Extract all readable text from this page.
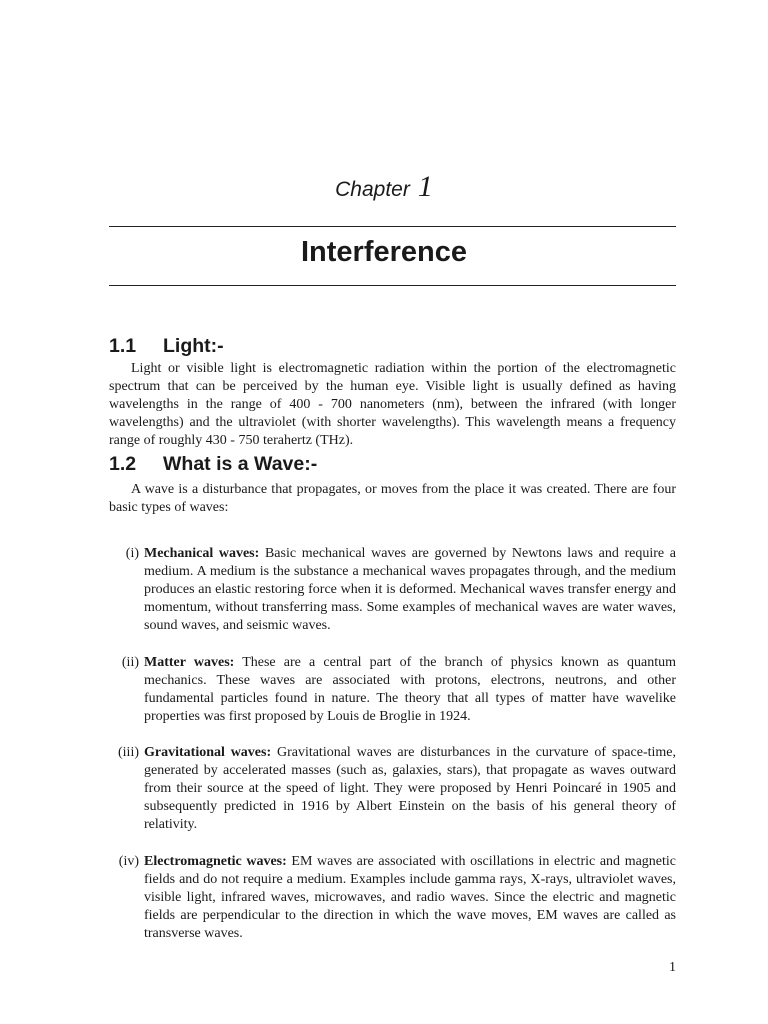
Chapter 1
Interference
1.1 Light:-

Light or visible light is electromagnetic radiation within the portion of the electromagnetic spectrum that can be perceived by the human eye. Visible light is usually defined as having wavelengths in the range of 400 - 700 nanometers (nm), between the infrared (with longer wavelengths) and the ultraviolet (with shorter wavelengths). This wavelength means a frequency range of roughly 430 - 750 terahertz (THz).

1.2 What is a Wave:-

A wave is a disturbance that propagates, or moves from the place it was created. There are four basic types of waves:

(i) Mechanical waves: Basic mechanical waves are governed by Newtons laws and require a medium. A medium is the substance a mechanical waves propagates through, and the medium produces an elastic restoring force when it is deformed. Mechanical waves transfer energy and momentum, without transferring mass. Some examples of mechanical waves are water waves, sound waves, and seismic waves.
(ii) Matter waves: These are a central part of the branch of physics known as quantum mechanics. These waves are associated with protons, electrons, neutrons, and other fundamental particles found in nature. The theory that all types of matter have wavelike properties was first proposed by Louis de Broglie in 1924.
(iii) Gravitational waves: Gravitational waves are disturbances in the curvature of space-time, generated by accelerated masses (such as, galaxies, stars), that propagate as waves outward from their source at the speed of light. They were proposed by Henri Poincaré in 1905 and subsequently predicted in 1916 by Albert Einstein on the basis of his general theory of relativity.
(iv) Electromagnetic waves: EM waves are associated with oscillations in electric and magnetic fields and do not require a medium. Examples include gamma rays, X-rays, ultraviolet waves, visible light, infrared waves, microwaves, and radio waves. Since the electric and magnetic fields are perpendicular to the direction in which the wave moves, EM waves are called as transverse waves.
1
